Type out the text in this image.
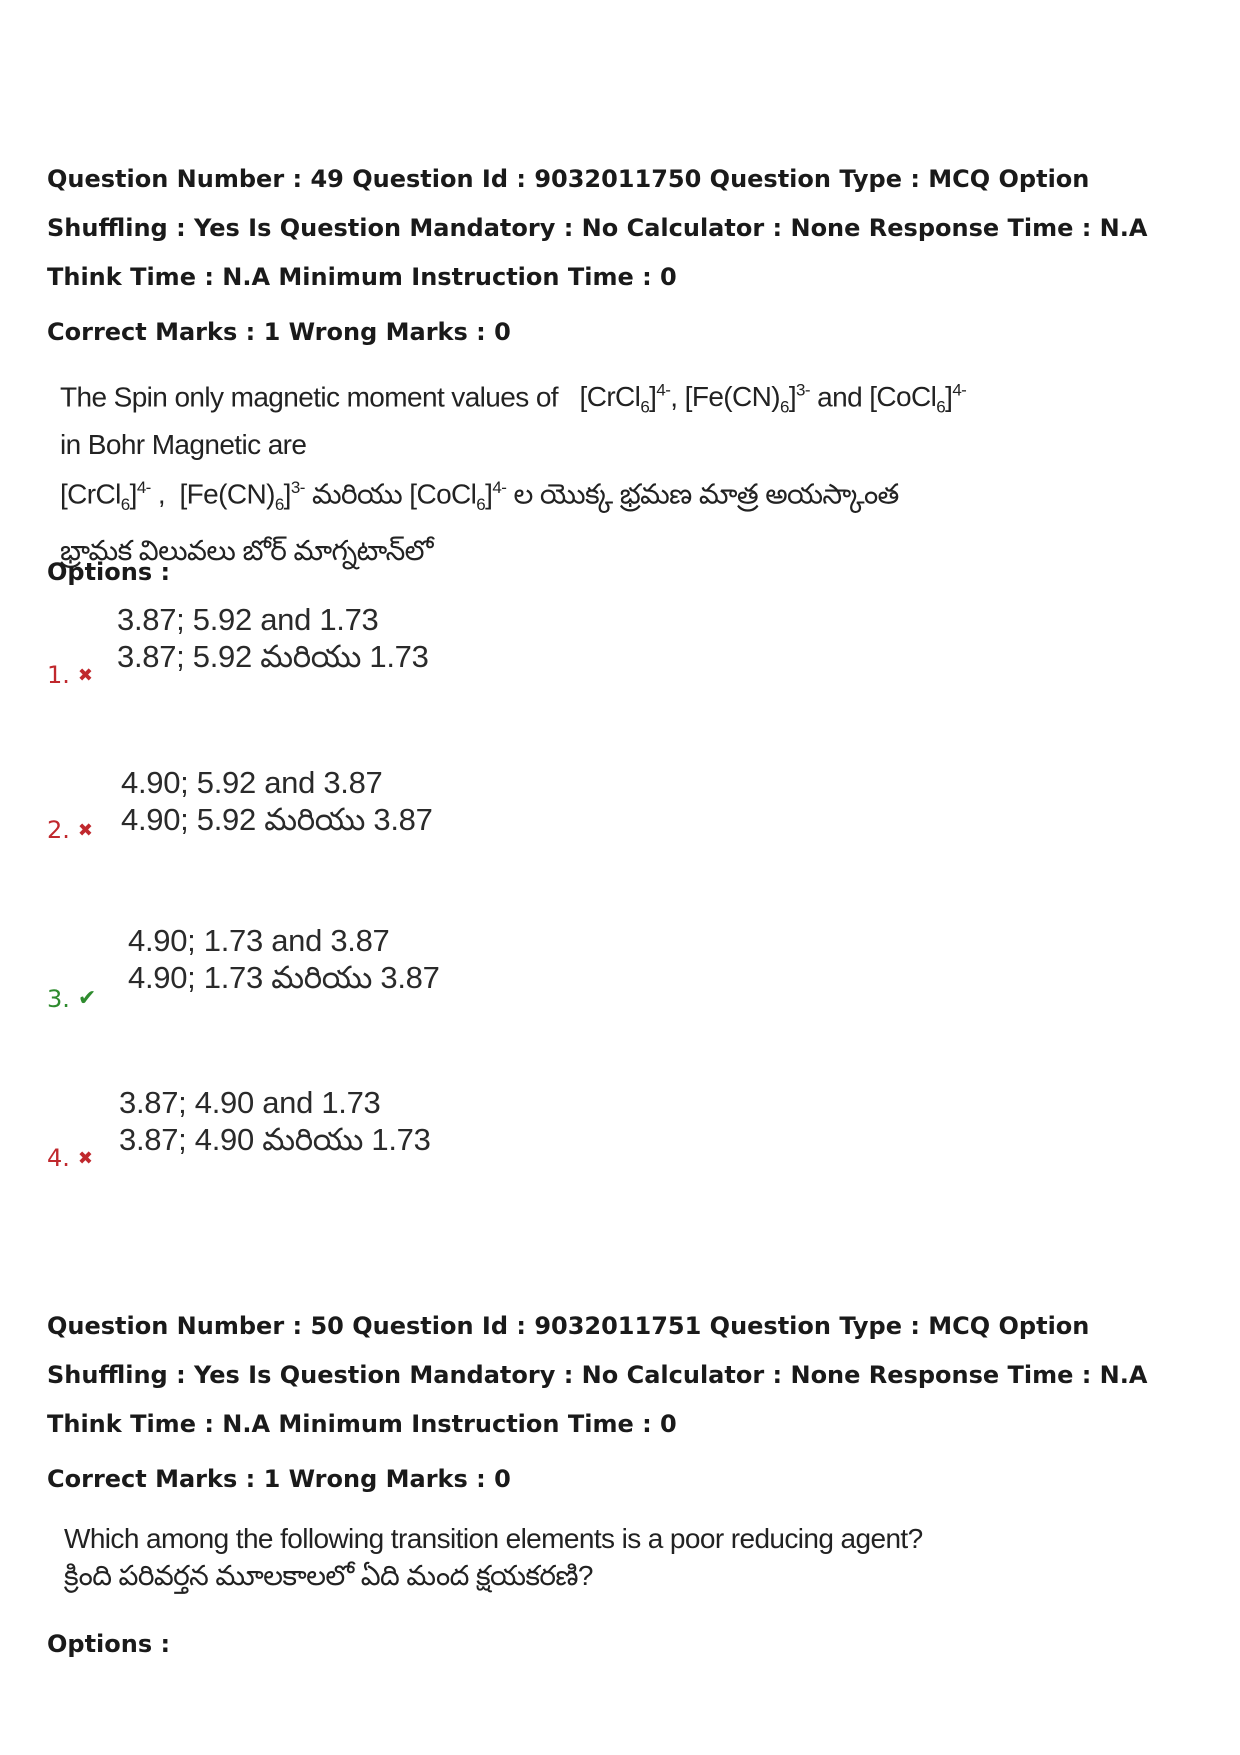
Question Number : 49 Question Id : 9032011750 Question Type : MCQ Option Shuffling : Yes Is Question Mandatory : No Calculator : None Response Time : N.A Think Time : N.A Minimum Instruction Time : 0
Correct Marks : 1 Wrong Marks : 0
The Spin only magnetic moment values of [CrCl$_6$]$^{4-}$, $[Fe(CN)_6]^{3-}$ and [CoCl$_6$]$^{4-}$
in Bohr Magnetic are
[CrCl$_6$]$^{4-}$ ,  $[Fe(CN)_6]^{3-}$ మరియు [CoCl$_6$]$^{4-}$ ల యొక్క భ్రమణ మాత్ర అయస్కాంత భ్రామక విలువలు బోర్ మాగ్నటాన్‌లో
Options :
1. ✖
3.87; 5.92 and 1.73
3.87; 5.92 మరియు 1.73
2. ✖
4.90; 5.92 and 3.87
4.90; 5.92 మరియు 3.87
3. ✔
4.90; 1.73 and 3.87
4.90; 1.73 మరియు 3.87
4. ✖
3.87; 4.90 and 1.73
3.87; 4.90 మరియు 1.73
Question Number : 50 Question Id : 9032011751 Question Type : MCQ Option Shuffling : Yes Is Question Mandatory : No Calculator : None Response Time : N.A Think Time : N.A Minimum Instruction Time : 0
Correct Marks : 1 Wrong Marks : 0
Which among the following transition elements is a poor reducing agent?
క్రింది పరివర్తన మూలకాలలో ఏది మంద క్షయకరణి?
Options :
